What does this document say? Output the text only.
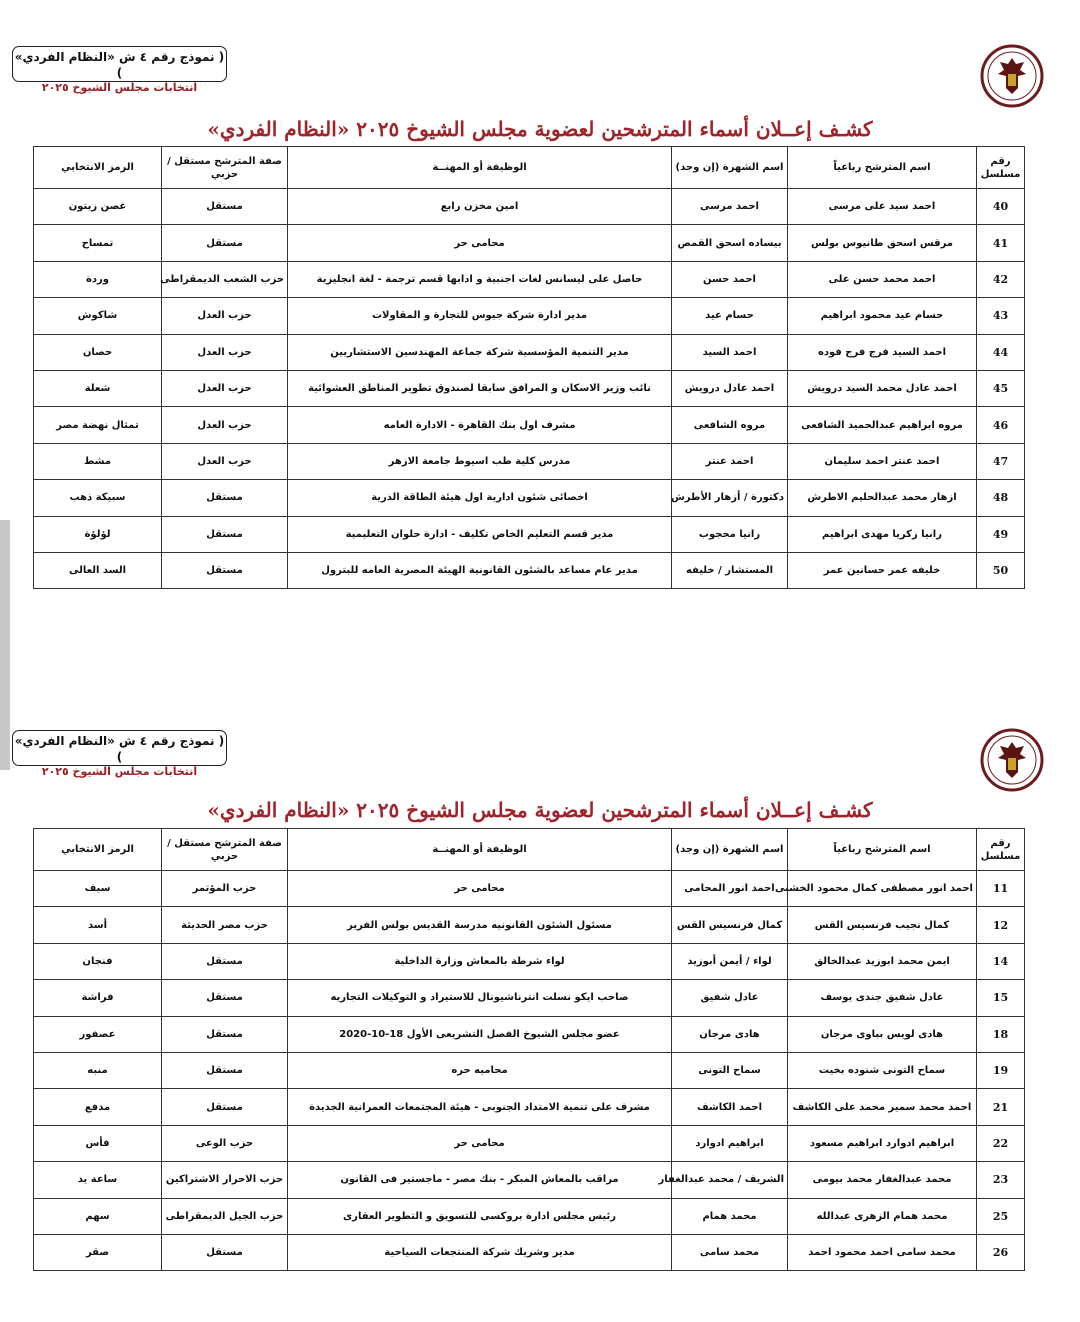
( نموذج رقم ٤ ش «النظام الفردي» )
انتخابات مجلس الشيوخ ٢٠٢٥
كشـف إعــلان أسماء المترشحين لعضوية مجلس الشيوخ ٢٠٢٥ «النظام الفردي»
رقم مسلسل	اسم المترشح رباعياً	اسم الشهرة (إن وجد)	الوظيفة أو المهنــة	صفة المترشح مستقل / حزبي	الرمز الانتخابي
40	احمد سيد على مرسى	احمد مرسى	امين مخزن رابع	مستقل	غصن زيتون
41	مرقس اسحق طانيوس بولس	بيساده اسحق القمص	محامى حر	مستقل	تمساح
42	احمد محمد حسن على	احمد حسن	حاصل على ليسانس لغات اجنبية و ادابها قسم ترجمة - لغة انجليزية	حزب الشعب الديمقراطى	وردة
43	حسام عيد محمود ابراهيم	حسام عيد	مدير ادارة شركة جيوس للتجارة و المقاولات	حزب العدل	شاكوش
44	احمد السيد فرج فرج فوده	احمد السيد	مدير التنمية المؤسسية شركة جماعة المهندسين الاستشاريين	حزب العدل	حصان
45	احمد عادل محمد السيد درويش	احمد عادل درويش	نائب وزير الاسكان و المرافق سابقا لصندوق تطوير المناطق العشوائية	حزب العدل	شعلة
46	مروه ابراهيم عبدالحميد الشافعى	مروه الشافعى	مشرف اول بنك القاهرة - الادارة العامه	حزب العدل	تمثال نهضة مصر
47	احمد عنتر احمد سليمان	احمد عنتر	مدرس كلية طب اسيوط جامعة الازهر	حزب العدل	مشط
48	ازهار محمد عبدالحليم الاطرش	دكتورة / أزهار الأطرش	اخصائى شئون ادارية اول هيئة الطاقة الذرية	مستقل	سبيكة ذهب
49	رانيا زكريا مهدى ابراهيم	رانيا محجوب	مدير قسم التعليم الخاص تكليف - ادارة حلوان التعليمية	مستقل	لؤلؤة
50	خليفه عمر حسانين عمر	المستشار / خليفه	مدير عام مساعد بالشئون القانونية الهيئة المصرية العامه للبترول	مستقل	السد العالى
( نموذج رقم ٤ ش «النظام الفردي» )
انتخابات مجلس الشيوخ ٢٠٢٥
كشـف إعــلان أسماء المترشحين لعضوية مجلس الشيوخ ٢٠٢٥ «النظام الفردي»
رقم مسلسل	اسم المترشح رباعياً	اسم الشهرة (إن وجد)	الوظيفة أو المهنــة	صفة المترشح مستقل / حزبي	الرمز الانتخابي
11	احمد انور مصطفى كمال محمود الخشنى	احمد انور المحامى	محامى حر	حزب المؤتمر	سيف
12	كمال نجيب فرنسيس القس	كمال فرنسيس القس	مسئول الشئون القانونيه مدرسة القديس بولس الفرير	حزب مصر الحديثة	أسد
14	ايمن محمد ابوزيد عبدالخالق	لواء / أيمن أبوزيد	لواء شرطة بالمعاش وزارة الداخلية	مستقل	فنجان
15	عادل شفيق جندى يوسف	عادل شفيق	صاحب ايكو نسلت انترناشيونال للاستيراد و التوكيلات التجاريه	مستقل	فراشة
18	هادى لويس بباوى مرجان	هادى مرجان	عضو مجلس الشيوخ الفصل التشريعى الأول 18-10-2020	مستقل	عصفور
19	سماح التونى شنوده بخيت	سماح التونى	محاميه حره	مستقل	منبه
21	احمد محمد سمير محمد على الكاشف	احمد الكاشف	مشرف على تنمية الامتداد الجنوبى - هيئة المجتمعات العمرانية الجديدة	مستقل	مدفع
22	ابراهيم ادوارد ابراهيم مسعود	ابراهيم ادوارد	محامى حر	حزب الوعى	فأس
23	محمد عبدالغفار محمد بيومى	الشريف / محمد عبدالغفار	مراقب بالمعاش المبكر - بنك مصر - ماجستير فى القانون	حزب الاحرار الاشتراكين	ساعة يد
25	محمد همام الزهرى عبدالله	محمد همام	رئيس مجلس ادارة بروكسى للتسويق و التطوير العقارى	حزب الجيل الديمقراطى	سهم
26	محمد سامى احمد محمود احمد	محمد سامى	مدير وشريك شركة المنتجعات السياحية	مستقل	صقر
